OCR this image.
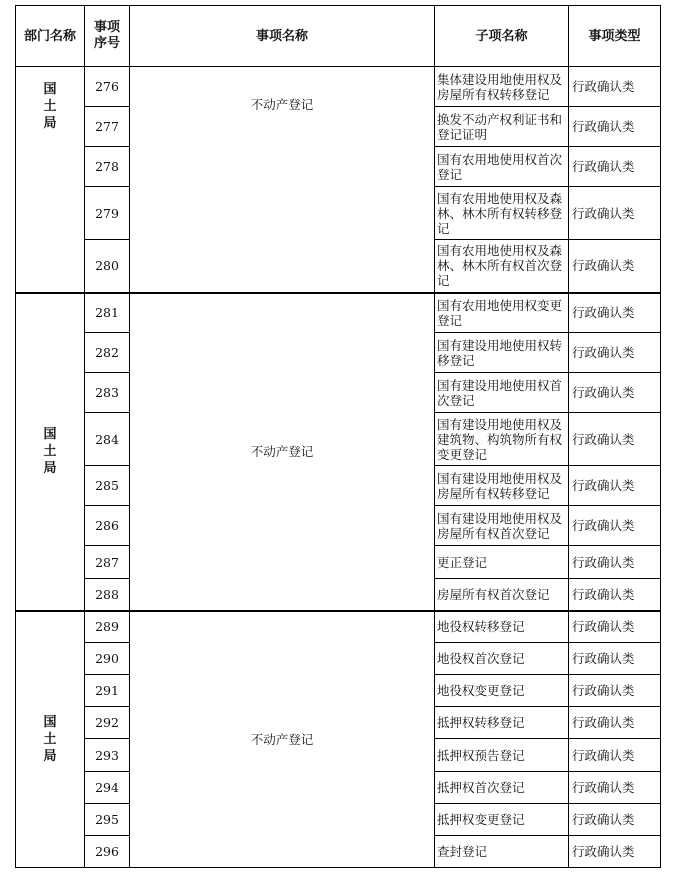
部门名称	事项序号	事项名称	子项名称	事项类型
国土局	276	不动产登记	集体建设用地使用权及房屋所有权转移登记	行政确认类
	277		换发不动产权利证书和登记证明	行政确认类
	278		国有农用地使用权首次登记	行政确认类
	279		国有农用地使用权及森林、林木所有权转移登记	行政确认类
	280		国有农用地使用权及森林、林木所有权首次登记	行政确认类
国土局	281	不动产登记	国有农用地使用权变更登记	行政确认类
	282		国有建设用地使用权转移登记	行政确认类
	283		国有建设用地使用权首次登记	行政确认类
	284		国有建设用地使用权及建筑物、构筑物所有权变更登记	行政确认类
	285		国有建设用地使用权及房屋所有权转移登记	行政确认类
	286		国有建设用地使用权及房屋所有权首次登记	行政确认类
	287		更正登记	行政确认类
	288		房屋所有权首次登记	行政确认类
国土局	289	不动产登记	地役权转移登记	行政确认类
	290		地役权首次登记	行政确认类
	291		地役权变更登记	行政确认类
	292		抵押权转移登记	行政确认类
	293		抵押权预告登记	行政确认类
	294		抵押权首次登记	行政确认类
	295		抵押权变更登记	行政确认类
	296		查封登记	行政确认类
